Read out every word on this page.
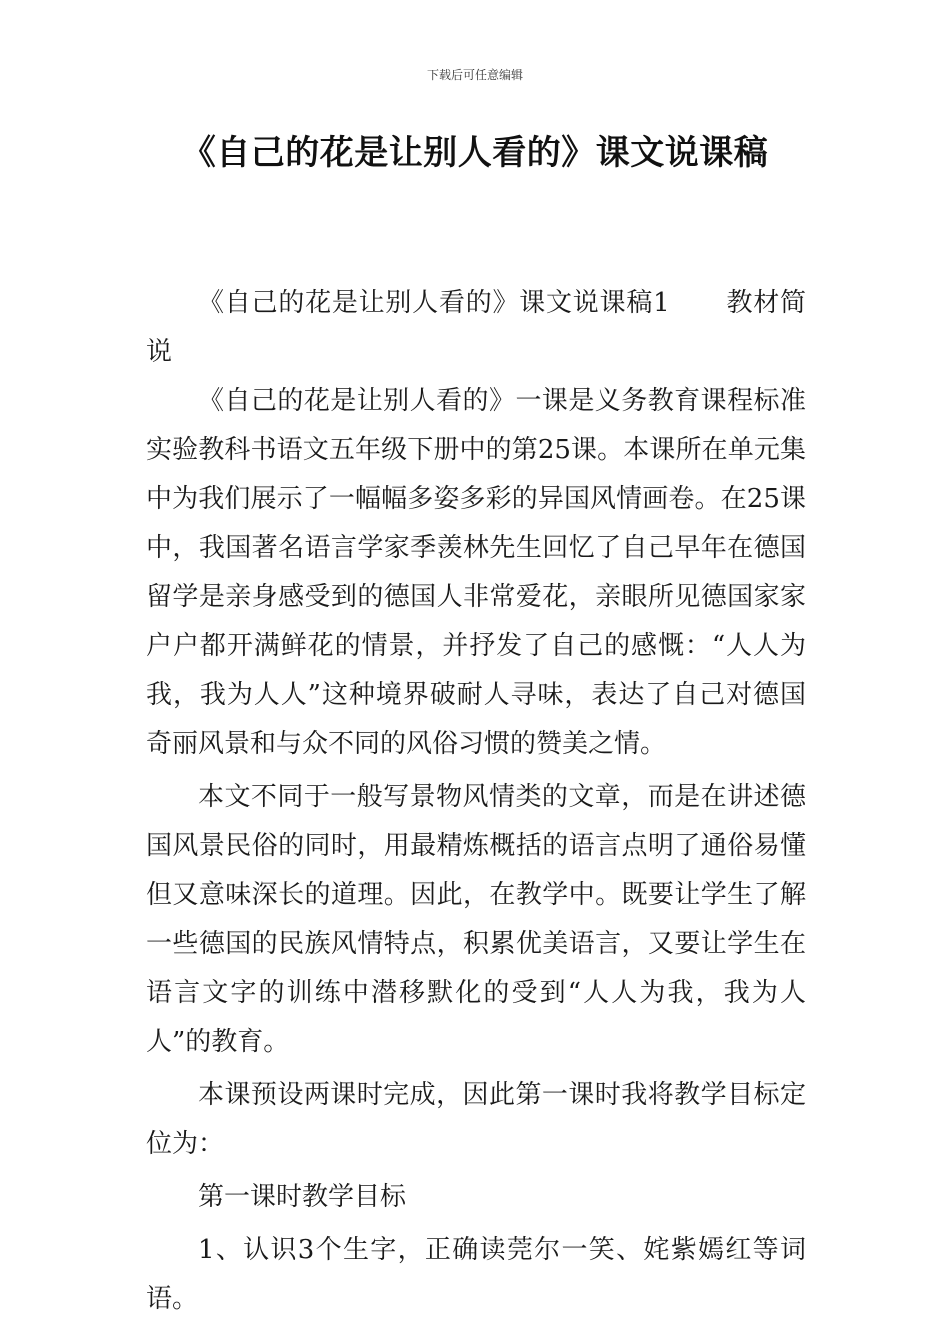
下载后可任意编辑
《自己的花是让别人看的》课文说课稿

《自己的花是让别人看的》课文说课稿1 教材简说

《自己的花是让别人看的》一课是义务教育课程标准实验教科书语文五年级下册中的第25课。本课所在单元集中为我们展示了一幅幅多姿多彩的异国风情画卷。在25课中，我国著名语言学家季羡林先生回忆了自己早年在德国留学是亲身感受到的德国人非常爱花，亲眼所见德国家家户户都开满鲜花的情景，并抒发了自己的感慨：“人人为我，我为人人”这种境界破耐人寻味，表达了自己对德国奇丽风景和与众不同的风俗习惯的赞美之情。

本文不同于一般写景物风情类的文章，而是在讲述德国风景民俗的同时，用最精炼概括的语言点明了通俗易懂但又意味深长的道理。因此，在教学中。既要让学生了解一些德国的民族风情特点，积累优美语言，又要让学生在语言文字的训练中潜移默化的受到“人人为我，我为人人”的教育。

本课预设两课时完成，因此第一课时我将教学目标定位为：

第一课时教学目标

1、认识3个生字，正确读莞尔一笑、姹紫嫣红等词语。
